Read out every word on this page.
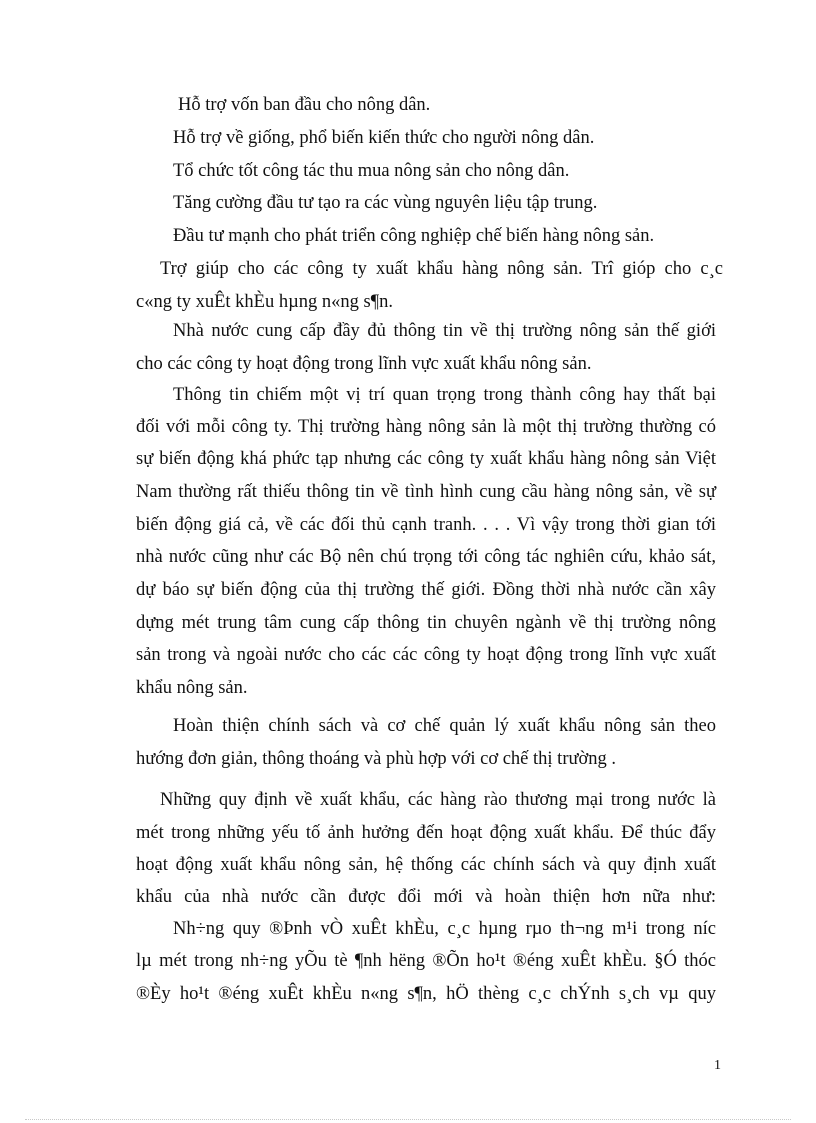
Hỗ trợ vốn ban đầu cho nông dân.
Hỗ trợ về giống, phổ biến kiến thức cho người nông dân.
Tổ chức tốt công tác thu mua nông sản cho nông dân.
Tăng cường đầu tư tạo ra các vùng nguyên liệu tập trung.
Đầu tư mạnh cho phát triển công nghiệp chế biến hàng nông sản.
Trợ giúp cho các công ty xuất khẩu hàng nông sản. Trî gióp cho c¸c
c«ng ty xuÊt khÈu hµng n«ng s¶n.
Nhà nước cung cấp đầy đủ thông tin về thị trường nông sản thế giới
cho các công ty hoạt động trong lĩnh vực xuất khẩu nông sản.
Thông tin chiếm một vị trí quan trọng trong thành công hay thất bại
đối với mỗi công ty. Thị trường hàng nông sản là một thị trường thường có
sự biến động khá phức tạp nhưng các công ty xuất khẩu hàng nông sản Việt
Nam thường rất thiếu thông tin về tình hình cung cầu hàng nông sản, về sự
biến động giá cả, về các đối thủ cạnh tranh. . . . Vì vậy trong thời gian tới
nhà nước cũng như các Bộ nên chú trọng tới công tác nghiên cứu, khảo sát,
dự báo sự biến động của thị trường thế giới. Đồng thời nhà nước cần xây
dựng mét trung tâm cung cấp thông tin chuyên ngành về thị trường nông
sản trong và ngoài nước cho các các công ty hoạt động trong lĩnh vực xuất
khẩu nông sản.
Hoàn thiện chính sách và cơ chế quản lý xuất khẩu nông sản theo
hướng đơn giản, thông thoáng và phù hợp với cơ chế thị trường .
Những quy định về xuất khẩu, các hàng rào thương mại trong nước là
mét trong những yếu tố ảnh hưởng đến hoạt động xuất khẩu. Để thúc đẩy
hoạt động xuất khẩu nông sản, hệ thống các chính sách và quy định xuất
khẩu của nhà nước cần được đổi mới và hoàn thiện hơn nữa như:
Nh÷ng quy ®Þnh vÒ xuÊt khÈu, c¸c hµng rµo th¬ng m¹i trong níc
lµ mét trong nh÷ng yÕu tè ¶nh hëng ®Õn ho¹t ®éng xuÊt khÈu. §Ó thóc
®Èy ho¹t ®éng xuÊt khÈu n«ng s¶n, hÖ thèng c¸c chÝnh s¸ch vµ quy
1
